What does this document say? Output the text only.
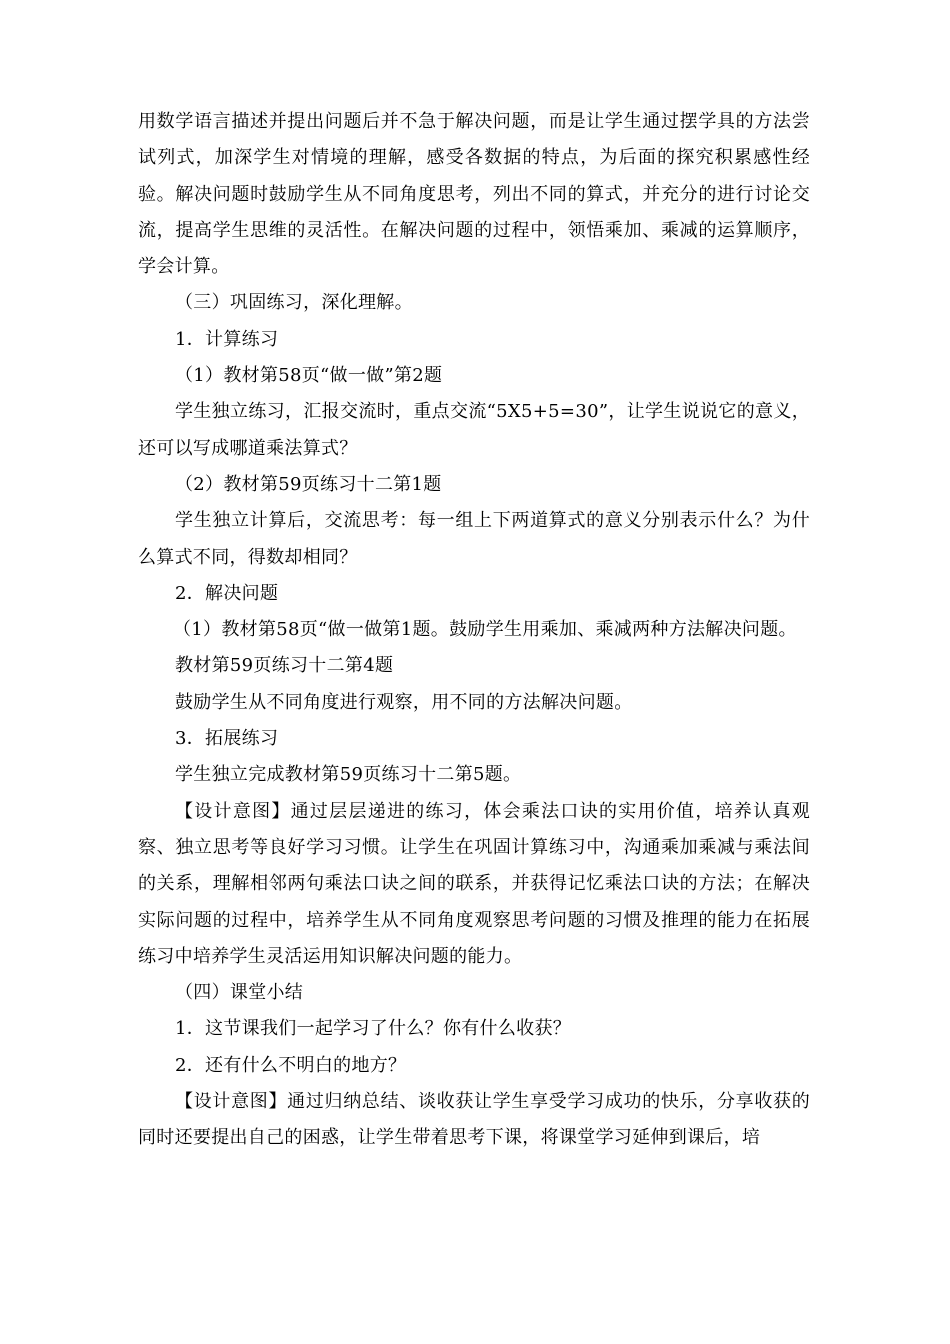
用数学语言描述并提出问题后并不急于解决问题，而是让学生通过摆学具的方法尝试列式，加深学生对情境的理解，感受各数据的特点，为后面的探究积累感性经验。解决问题时鼓励学生从不同角度思考，列出不同的算式，并充分的进行讨论交流，提高学生思维的灵活性。在解决问题的过程中，领悟乘加、乘减的运算顺序，学会计算。

（三）巩固练习，深化理解。

1．计算练习

（1）教材第58页“做一做”第2题

学生独立练习，汇报交流时，重点交流“5X5+5=30”，让学生说说它的意义，还可以写成哪道乘法算式？

（2）教材第59页练习十二第1题

学生独立计算后，交流思考：每一组上下两道算式的意义分别表示什么？为什么算式不同，得数却相同？

2．解决问题

（1）教材第58页“做一做第1题。鼓励学生用乘加、乘减两种方法解决问题。

教材第59页练习十二第4题

鼓励学生从不同角度进行观察，用不同的方法解决问题。

3．拓展练习

学生独立完成教材第59页练习十二第5题。

【设计意图】通过层层递进的练习，体会乘法口诀的实用价值，培养认真观察、独立思考等良好学习习惯。让学生在巩固计算练习中，沟通乘加乘减与乘法间的关系，理解相邻两句乘法口诀之间的联系，并获得记忆乘法口诀的方法；在解决实际问题的过程中，培养学生从不同角度观察思考问题的习惯及推理的能力在拓展练习中培养学生灵活运用知识解决问题的能力。

（四）课堂小结

1．这节课我们一起学习了什么？你有什么收获？

2．还有什么不明白的地方？

【设计意图】通过归纳总结、谈收获让学生享受学习成功的快乐，分享收获的同时还要提出自己的困惑，让学生带着思考下课，将课堂学习延伸到课后，培
